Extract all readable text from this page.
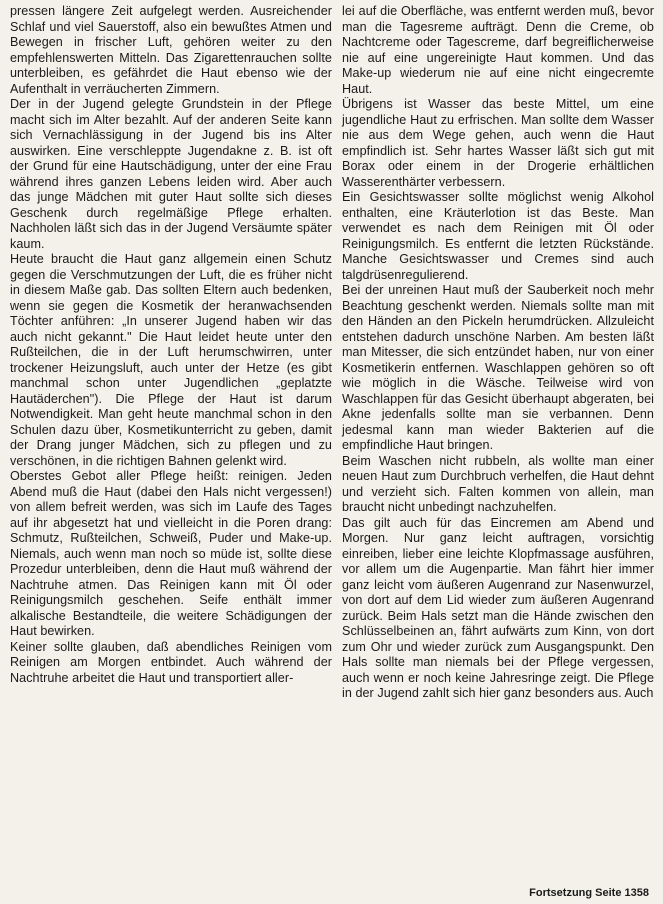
pressen längere Zeit aufgelegt werden. Ausreichender Schlaf und viel Sauerstoff, also ein bewußtes Atmen und Bewegen in frischer Luft, gehören weiter zu den empfehlenswerten Mitteln. Das Zigarettenrauchen sollte unterbleiben, es gefährdet die Haut ebenso wie der Aufenthalt in verräucherten Zimmern.

Der in der Jugend gelegte Grundstein in der Pflege macht sich im Alter bezahlt. Auf der anderen Seite kann sich Vernachlässigung in der Jugend bis ins Alter auswirken. Eine verschleppte Jugendakne z. B. ist oft der Grund für eine Hautschädigung, unter der eine Frau während ihres ganzen Lebens leiden wird. Aber auch das junge Mädchen mit guter Haut sollte sich dieses Geschenk durch regelmäßige Pflege erhalten. Nachholen läßt sich das in der Jugend Versäumte später kaum.

Heute braucht die Haut ganz allgemein einen Schutz gegen die Verschmutzungen der Luft, die es früher nicht in diesem Maße gab. Das sollten Eltern auch bedenken, wenn sie gegen die Kosmetik der heranwachsenden Töchter anführen: „In unserer Jugend haben wir das auch nicht gekannt." Die Haut leidet heute unter den Rußteilchen, die in der Luft herumschwirren, unter trockener Heizungsluft, auch unter der Hetze (es gibt manchmal schon unter Jugendlichen „geplatzte Hautäderchen"). Die Pflege der Haut ist darum Notwendigkeit. Man geht heute manchmal schon in den Schulen dazu über, Kosmetikunterricht zu geben, damit der Drang junger Mädchen, sich zu pflegen und zu verschönen, in die richtigen Bahnen gelenkt wird.

Oberstes Gebot aller Pflege heißt: reinigen. Jeden Abend muß die Haut (dabei den Hals nicht vergessen!) von allem befreit werden, was sich im Laufe des Tages auf ihr abgesetzt hat und vielleicht in die Poren drang: Schmutz, Rußteilchen, Schweiß, Puder und Make-up. Niemals, auch wenn man noch so müde ist, sollte diese Prozedur unterbleiben, denn die Haut muß während der Nachtruhe atmen. Das Reinigen kann mit Öl oder Reinigungsmilch geschehen. Seife enthält immer alkalische Bestandteile, die weitere Schädigungen der Haut bewirken.

Keiner sollte glauben, daß abendliches Reinigen vom Reinigen am Morgen entbindet. Auch während der Nachtruhe arbeitet die Haut und transportiert aller-

lei auf die Oberfläche, was entfernt werden muß, bevor man die Tagesreme aufträgt. Denn die Creme, ob Nachtcreme oder Tagescreme, darf begreiflicherweise nie auf eine ungereinigte Haut kommen. Und das Make-up wiederum nie auf eine nicht eingecremte Haut.

Übrigens ist Wasser das beste Mittel, um eine jugendliche Haut zu erfrischen. Man sollte dem Wasser nie aus dem Wege gehen, auch wenn die Haut empfindlich ist. Sehr hartes Wasser läßt sich gut mit Borax oder einem in der Drogerie erhältlichen Wasserenthärter verbessern.

Ein Gesichtswasser sollte möglichst wenig Alkohol enthalten, eine Kräuterlotion ist das Beste. Man verwendet es nach dem Reinigen mit Öl oder Reinigungsmilch. Es entfernt die letzten Rückstände. Manche Gesichtswasser und Cremes sind auch talgdrüsenregulierend.

Bei der unreinen Haut muß der Sauberkeit noch mehr Beachtung geschenkt werden. Niemals sollte man mit den Händen an den Pickeln herumdrücken. Allzuleicht entstehen dadurch unschöne Narben. Am besten läßt man Mitesser, die sich entzündet haben, nur von einer Kosmetikerin entfernen. Waschlappen gehören so oft wie möglich in die Wäsche. Teilweise wird von Waschlappen für das Gesicht überhaupt abgeraten, bei Akne jedenfalls sollte man sie verbannen. Denn jedesmal kann man wieder Bakterien auf die empfindliche Haut bringen.

Beim Waschen nicht rubbeln, als wollte man einer neuen Haut zum Durchbruch verhelfen, die Haut dehnt und verzieht sich. Falten kommen von allein, man braucht nicht unbedingt nachzuhelfen.

Das gilt auch für das Eincremen am Abend und Morgen. Nur ganz leicht auftragen, vorsichtig einreiben, lieber eine leichte Klopfmassage ausführen, vor allem um die Augenpartie. Man fährt hier immer ganz leicht vom äußeren Augenrand zur Nasenwurzel, von dort auf dem Lid wieder zum äußeren Augenrand zurück. Beim Hals setzt man die Hände zwischen den Schlüsselbeinen an, fährt aufwärts zum Kinn, von dort zum Ohr und wieder zurück zum Ausgangspunkt. Den Hals sollte man niemals bei der Pflege vergessen, auch wenn er noch keine Jahresringe zeigt. Die Pflege in der Jugend zahlt sich hier ganz besonders aus. Auch

Fortsetzung Seite 1358
